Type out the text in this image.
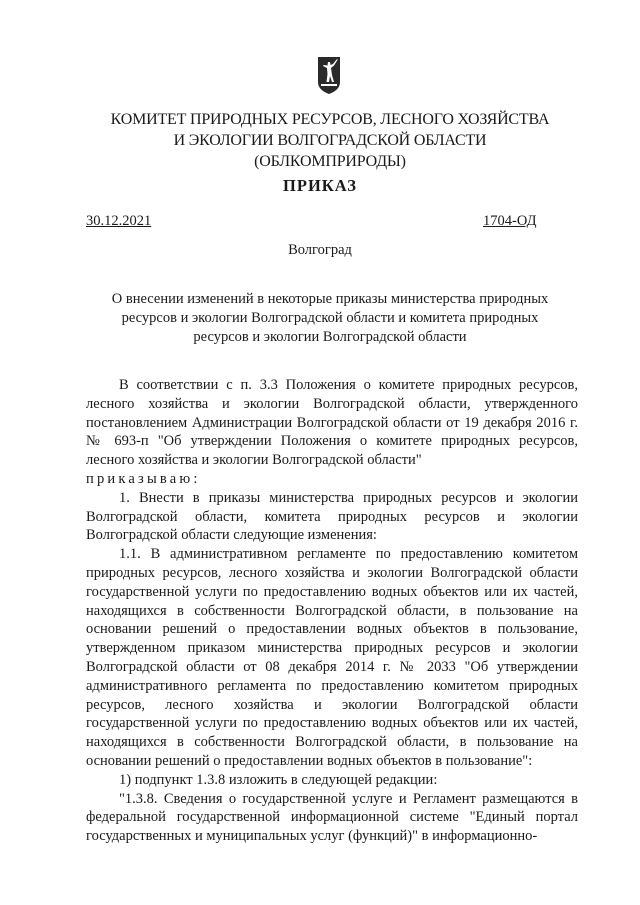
КОМИТЕТ ПРИРОДНЫХ РЕСУРСОВ, ЛЕСНОГО ХОЗЯЙСТВА
И ЭКОЛОГИИ ВОЛГОГРАДСКОЙ ОБЛАСТИ
(ОБЛКОМПРИРОДЫ)
ПРИКАЗ
30.12.2021	1704-ОД
Волгоград
О внесении изменений в некоторые приказы министерства природных
ресурсов и экологии Волгоградской области и комитета природных
ресурсов и экологии Волгоградской области

В соответствии с п. 3.3 Положения о комитете природных ресурсов, лесного хозяйства и экологии Волгоградской области, утвержденного постановлением Администрации Волгоградской области от 19 декабря 2016 г. № 693-п "Об утверждении Положения о комитете природных ресурсов, лесного хозяйства и экологии Волгоградской области"

приказываю:

1. Внести в приказы министерства природных ресурсов и экологии Волгоградской области, комитета природных ресурсов и экологии Волгоградской области следующие изменения:

1.1. В административном регламенте по предоставлению комитетом природных ресурсов, лесного хозяйства и экологии Волгоградской области государственной услуги по предоставлению водных объектов или их частей, находящихся в собственности Волгоградской области, в пользование на основании решений о предоставлении водных объектов в пользование, утвержденном приказом министерства природных ресурсов и экологии Волгоградской области от 08 декабря 2014 г. № 2033 "Об утверждении административного регламента по предоставлению комитетом природных ресурсов, лесного хозяйства и экологии Волгоградской области государственной услуги по предоставлению водных объектов или их частей, находящихся в собственности Волгоградской области, в пользование на основании решений о предоставлении водных объектов в пользование":

1) подпункт 1.3.8 изложить в следующей редакции:

"1.3.8. Сведения о государственной услуге и Регламент размещаются в федеральной государственной информационной системе "Единый портал государственных и муниципальных услуг (функций)" в информационно-
